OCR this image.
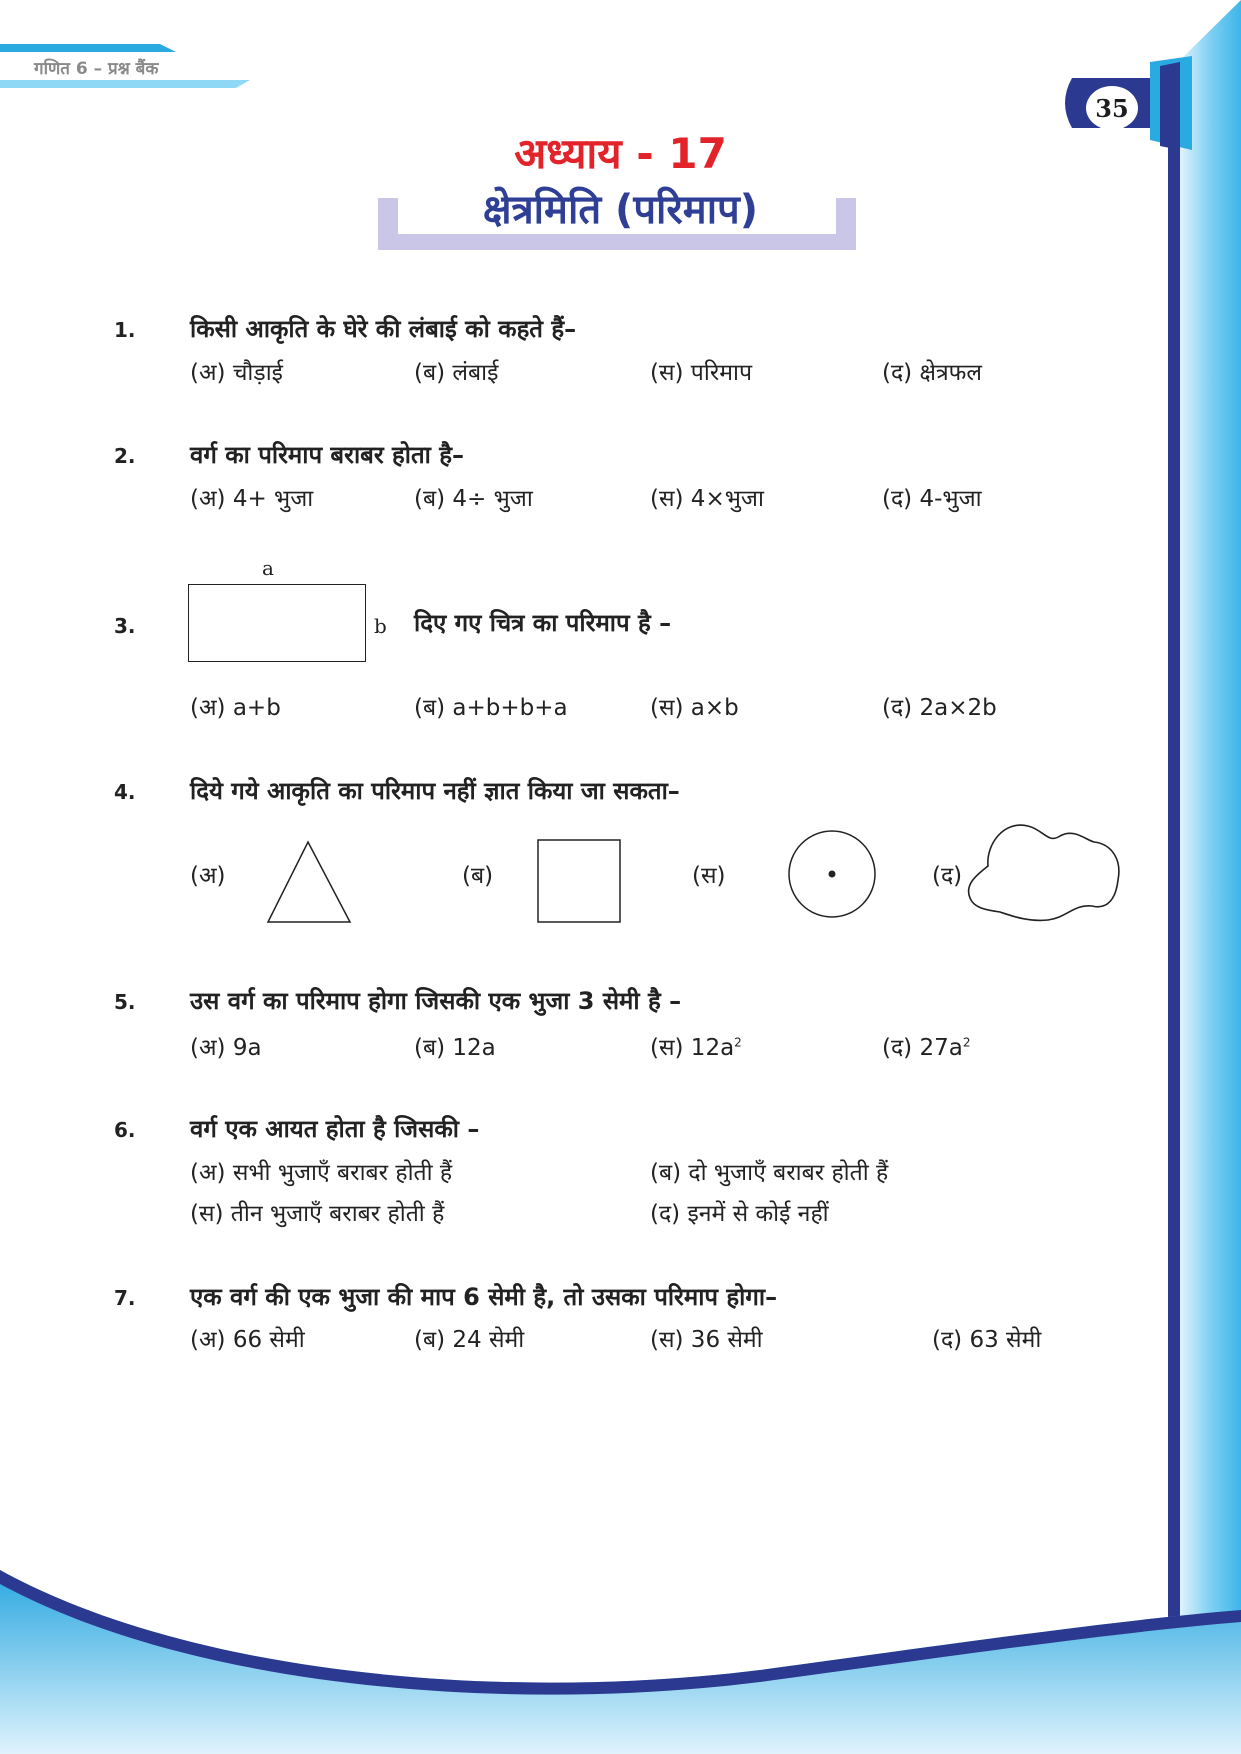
गणित 6 – प्रश्न बैंक
35
अध्याय - 17
क्षेत्रमिति (परिमाप)
1. किसी आकृति के घेरे की लंबाई को कहते हैं–
(अ) चौड़ाई	(ब) लंबाई	(स) परिमाप	(द) क्षेत्रफल
2. वर्ग का परिमाप बराबर होता है–
(अ) 4+ भुजा	(ब) 4÷ भुजा	(स) 4×भुजा	(द) 4-भुजा
3.
a
b दिए गए चित्र का परिमाप है –
(अ) a+b	(ब) a+b+b+a	(स) a×b	(द) 2a×2b
4. दिये गये आकृति का परिमाप नहीं ज्ञात किया जा सकता–
(अ)	(ब)	(स)	(द)
5. उस वर्ग का परिमाप होगा जिसकी एक भुजा 3 सेमी है –
(अ) 9a	(ब) 12a	(स) $12a^2$	(द) $27a^2$
6. वर्ग एक आयत होता है जिसकी –
(अ) सभी भुजाएँ बराबर होती हैं	(ब) दो भुजाएँ बराबर होती हैं
(स) तीन भुजाएँ बराबर होती हैं	(द) इनमें से कोई नहीं
7. एक वर्ग की एक भुजा की माप 6 सेमी है, तो उसका परिमाप होगा–
(अ) 66 सेमी	(ब) 24 सेमी	(स) 36 सेमी	(द) 63 सेमी
